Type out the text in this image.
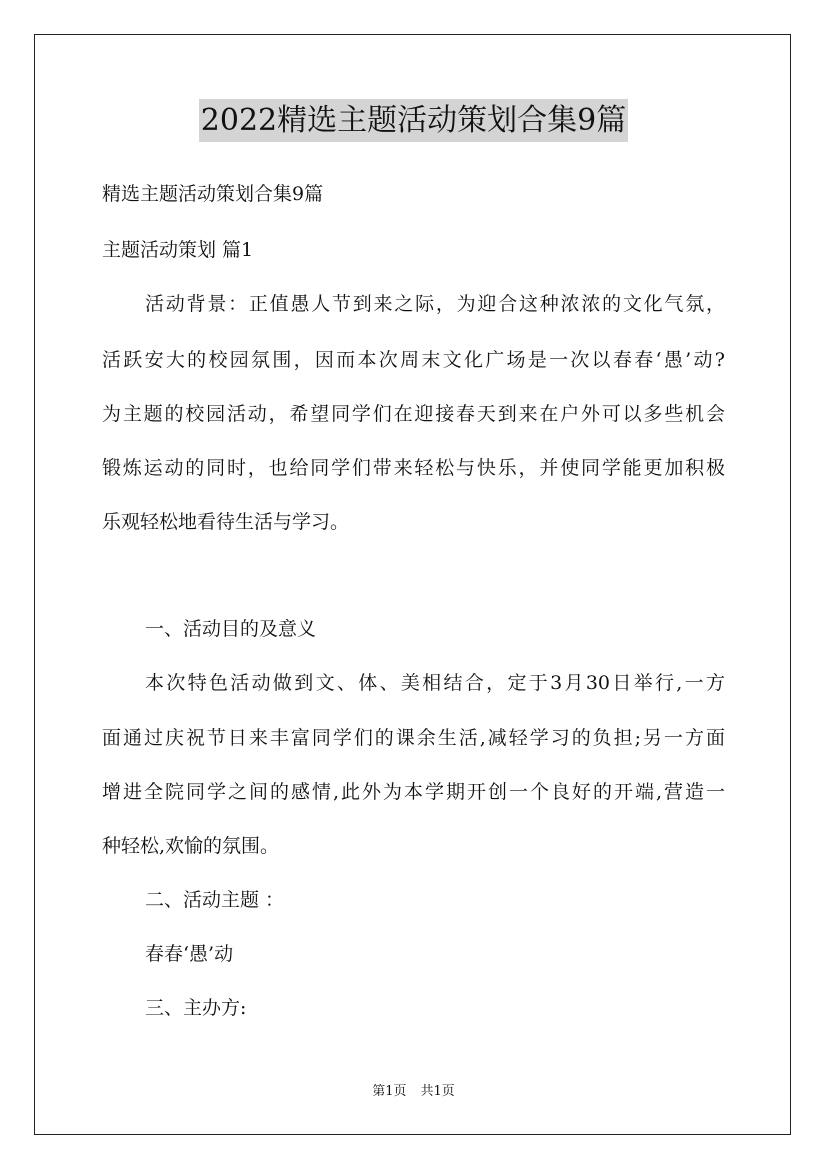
2022精选主题活动策划合集9篇
精选主题活动策划合集9篇
主题活动策划 篇1
活动背景：正值愚人节到来之际，为迎合这种浓浓的文化气氛，
活跃安大的校园氛围，因而本次周末文化广场是一次以春春‘愚’动?
为主题的校园活动，希望同学们在迎接春天到来在户外可以多些机会
锻炼运动的同时，也给同学们带来轻松与快乐，并使同学能更加积极
乐观轻松地看待生活与学习。
一、活动目的及意义
本次特色活动做到文、体、美相结合，定于3月30日举行,一方
面通过庆祝节日来丰富同学们的课余生活,减轻学习的负担;另一方面
增进全院同学之间的感情,此外为本学期开创一个良好的开端,营造一
种轻松,欢愉的氛围。
二、活动主题 ：
春春‘愚’动
三、主办方:
第1页 共1页
